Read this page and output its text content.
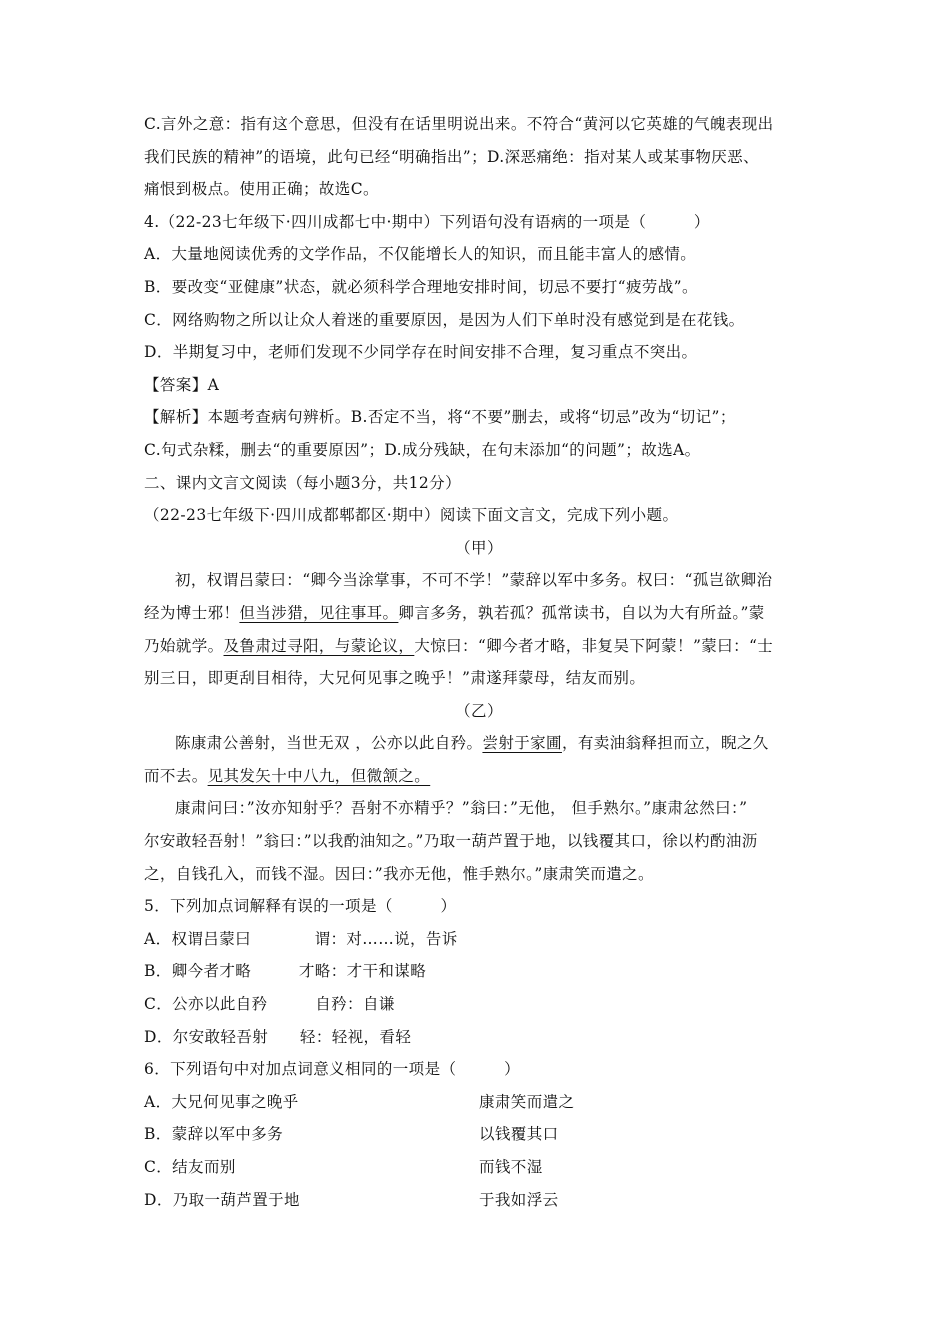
C.言外之意：指有这个意思，但没有在话里明说出来。不符合“黄河以它英雄的气魄表现出

我们民族的精神”的语境，此句已经“明确指出”；D.深恶痛绝：指对某人或某事物厌恶、

痛恨到极点。使用正确；故选C。

4.（22-23七年级下·四川成都七中·期中）下列语句没有语病的一项是（　　　）

A．大量地阅读优秀的文学作品，不仅能增长人的知识，而且能丰富人的感情。

B．要改变“亚健康”状态，就必须科学合理地安排时间，切忌不要打“疲劳战”。

C．网络购物之所以让众人着迷的重要原因，是因为人们下单时没有感觉到是在花钱。

D．半期复习中，老师们发现不少同学存在时间安排不合理，复习重点不突出。

【答案】A

【解析】本题考查病句辨析。B.否定不当，将“不要”删去，或将“切忌”改为“切记”；

C.句式杂糅，删去“的重要原因”；D.成分残缺，在句末添加“的问题”；故选A。

二、课内文言文阅读（每小题3分，共12分）

（22-23七年级下·四川成都郫都区·期中）阅读下面文言文，完成下列小题。

（甲）

初，权谓吕蒙曰：“卿今当涂掌事，不可不学！”蒙辞以军中多务。权曰：“孤岂欲卿治

经为博士邪！但当涉猎，见往事耳。卿言多务，孰若孤？孤常读书，自以为大有所益。”蒙

乃始就学。及鲁肃过寻阳，与蒙论议，大惊曰：“卿今者才略，非复吴下阿蒙！”蒙曰：“士

别三日，即更刮目相待，大兄何见事之晚乎！”肃遂拜蒙母，结友而别。

（乙）

陈康肃公善射，当世无双 ，公亦以此自矜。尝射于家圃，有卖油翁释担而立，睨之久

而不去。见其发矢十中八九，但微颔之。

康肃问曰：”汝亦知射乎？吾射不亦精乎？”翁曰：”无他， 但手熟尔。”康肃忿然曰：”

尔安敢轻吾射！”翁曰：”以我酌油知之。”乃取一葫芦置于地，以钱覆其口，徐以杓酌油沥

之，自钱孔入，而钱不湿。因曰：”我亦无他，惟手熟尔。”康肃笑而遣之。

5．下列加点词解释有误的一项是（　　　）

A．权谓吕蒙曰　　　　谓：对……说，告诉

B．卿今者才略　　　才略：才干和谋略

C．公亦以此自矜　　　自矜：自谦

D．尔安敢轻吾射　　轻：轻视，看轻

6．下列语句中对加点词意义相同的一项是（　　　）

A．大兄何见事之晚乎	康肃笑而遣之
B．蒙辞以军中多务	以钱覆其口
C．结友而别	而钱不湿
D．乃取一葫芦置于地	于我如浮云
